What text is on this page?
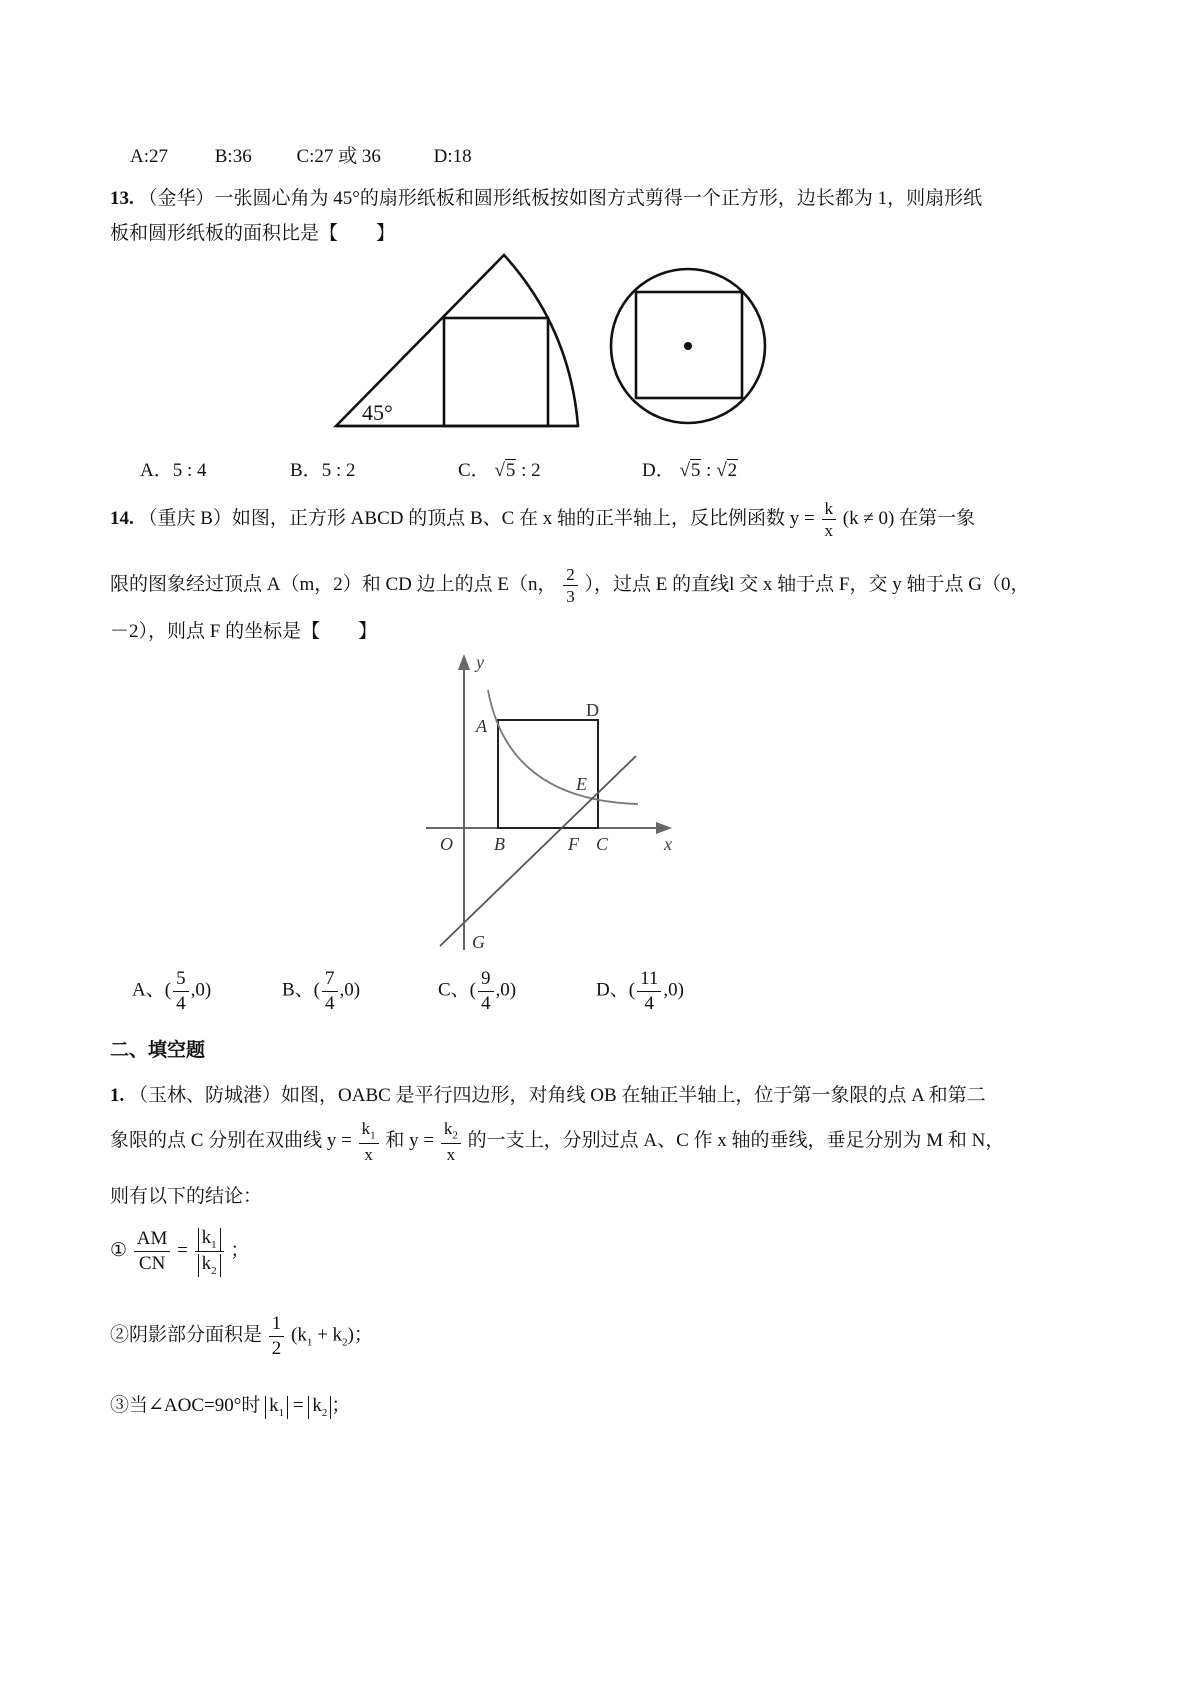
A:27 B:36 C:27 或 36	D:18
13. （金华）一张圆心角为 45°的扇形纸板和圆形纸板按如图方式剪得一个正方形，边长都为 1，则扇形纸
板和圆形纸板的面积比是【　　】
45°
A．5 : 4	B．5 : 2	C． √5 : 2	D． √5 : √2
14. （重庆 B）如图，正方形 ABCD 的顶点 B、C 在 x 轴的正半轴上，反比例函数 $y = \frac{k}{x} (k \ne 0)$ 在第一象
限的图象经过顶点 A（m，2）和 CD 边上的点 E（n， $\frac{2}{3}$ ），过点 E 的直线l 交 x 轴于点 F，交 y 轴于点 G（0，
－2），则点 F 的坐标是【　　】
y
x
A
D
E
O B	F C
G
A、( $\frac{5}{4} ,0$)	B、( $\frac{7}{4} ,0$)	C、( $\frac{9}{4} ,0$)	D、( $\frac{11}{4} ,0$)
二、填空题
1. （玉林、防城港）如图，OABC 是平行四边形，对角线 OB 在轴正半轴上，位于第一象限的点 A 和第二
象限的点 C 分别在双曲线 $y = \frac{k_1}{x}$ 和 $y = \frac{k_2}{x}$ 的一支上，分别过点 A、C 作 x 轴的垂线，垂足分别为 M 和 N，
则有以下的结论：
① $\frac{AM}{CN} = \frac{k_1}{k_2}$ ；
②阴影部分面积是 $\frac{1}{2} (k_1 + k_2)$；
③当∠AOC=90°时 $k_1 = k_2$ ；
